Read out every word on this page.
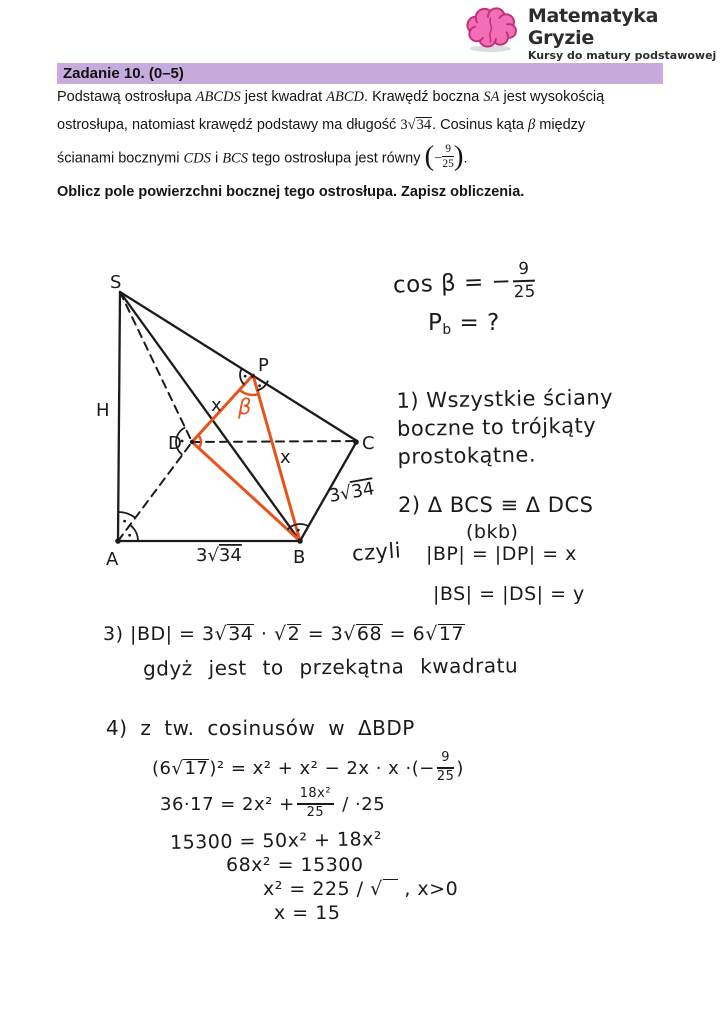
Matematyka Gryzie
Kursy do matury podstawowej
Zadanie 10. (0–5)
Podstawą ostrosłupa ABCDS jest kwadrat ABCD. Krawędź boczna SA jest wysokością
ostrosłupa, natomiast krawędź podstawy ma długość 3√34. Cosinus kąta β między
ścianami bocznymi CDS i BCS tego ostrosłupa jest równy (− $\frac{9}{25}$ ).
Oblicz pole powierzchni bocznej tego ostrosłupa. Zapisz obliczenia.
S
H
D
P
C
A	B
x
x
β
3√34
3√34
cos β = − $\frac{9}{25}$
$P_b$ = ?
1) Wszystkie ściany
boczne to trójkąty
prostokątne.
2) Δ BCS ≡ Δ DCS
(bkb)
czyli |BP| = |DP| = x
|BS| = |DS| = y
3) |BD| = 3√34 · √2 = 3√68 = 6√17
gdyż jest to przekątna kwadratu
4) z tw. cosinusów w ΔBDP
(6√17)² = x² + x² − 2x · x ·(− $\frac{9}{25}$ )
$36\cdot 17 = 2x^2 + \frac{\text{18x²}}{25} / \cdot 25$
15300 = 50x² + 18x²
68x² = 15300
x² = 225 / √   , x>0
x = 15
